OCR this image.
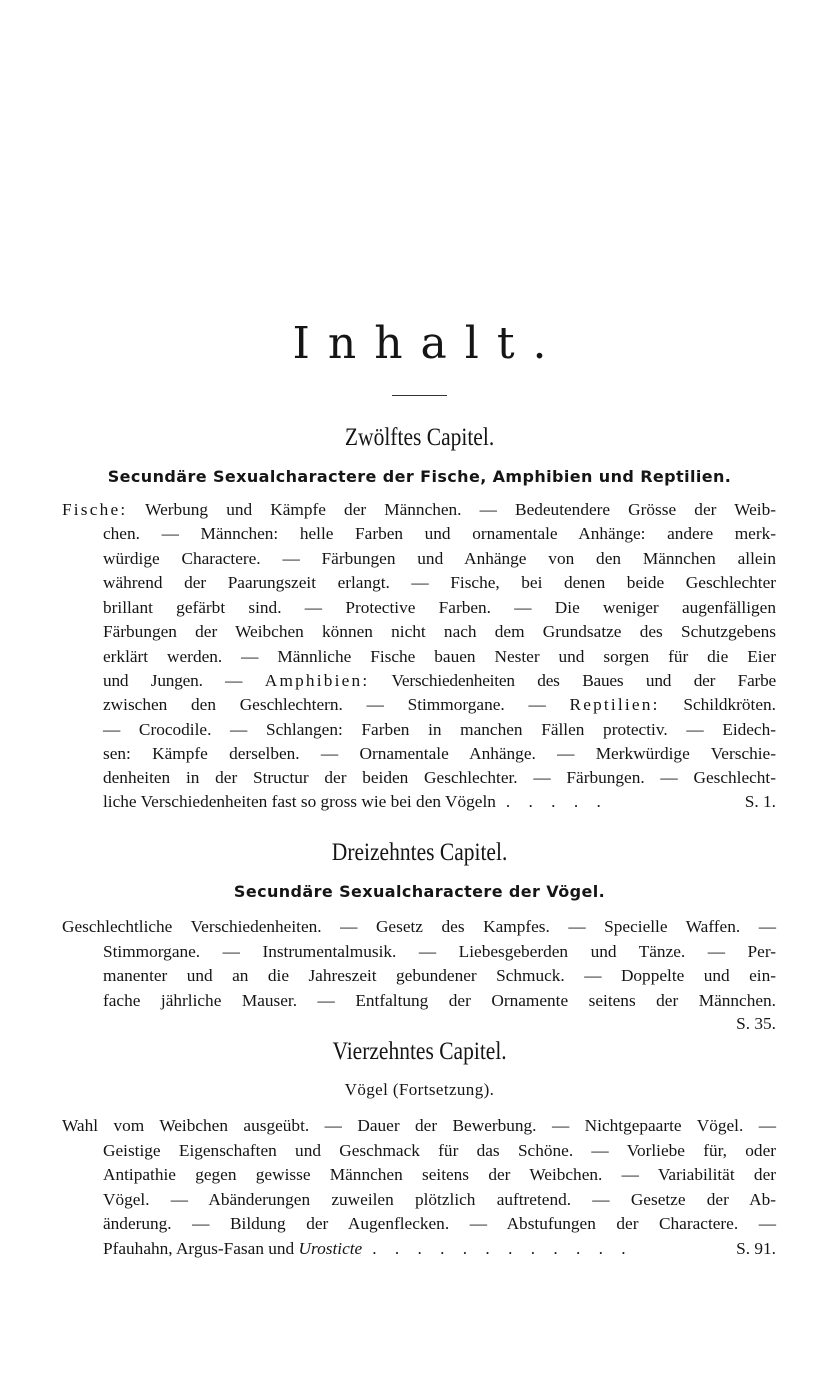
Inhalt.
Zwölftes Capitel.
Secundäre Sexualcharactere der Fische, Amphibien und Reptilien.
Fische: Werbung und Kämpfe der Männchen. — Bedeutendere Grösse der Weib-
chen. — Männchen: helle Farben und ornamentale Anhänge: andere merk-
würdige Charactere. — Färbungen und Anhänge von den Männchen allein
während der Paarungszeit erlangt. — Fische, bei denen beide Geschlechter
brillant gefärbt sind. — Protective Farben. — Die weniger augenfälligen
Färbungen der Weibchen können nicht nach dem Grundsatze des Schutzgebens
erklärt werden. — Männliche Fische bauen Nester und sorgen für die Eier
und Jungen. — Amphibien: Verschiedenheiten des Baues und der Farbe
zwischen den Geschlechtern. — Stimmorgane. — Reptilien: Schildkröten.
— Crocodile. — Schlangen: Farben in manchen Fällen protectiv. — Eidech-
sen: Kämpfe derselben. — Ornamentale Anhänge. — Merkwürdige Verschie-
denheiten in der Structur der beiden Geschlechter. — Färbungen. — Geschlecht-
liche Verschiedenheiten fast so gross wie bei den Vögeln . . . . .	S. 1.
Dreizehntes Capitel.
Secundäre Sexualcharactere der Vögel.
Geschlechtliche Verschiedenheiten. — Gesetz des Kampfes. — Specielle Waffen. —
Stimmorgane. — Instrumentalmusik. — Liebesgeberden und Tänze. — Per-
manenter und an die Jahreszeit gebundener Schmuck. — Doppelte und ein-
fache jährliche Mauser. — Entfaltung der Ornamente seitens der Männchen.
S. 35.
Vierzehntes Capitel.
Vögel (Fortsetzung).
Wahl vom Weibchen ausgeübt. — Dauer der Bewerbung. — Nichtgepaarte Vögel. —
Geistige Eigenschaften und Geschmack für das Schöne. — Vorliebe für, oder
Antipathie gegen gewisse Männchen seitens der Weibchen. — Variabilität der
Vögel. — Abänderungen zuweilen plötzlich auftretend. — Gesetze der Ab-
änderung. — Bildung der Augenflecken. — Abstufungen der Charactere. —
Pfauhahn, Argus-Fasan und
Urosticte . . . . . . . . . . . .	S. 91.
